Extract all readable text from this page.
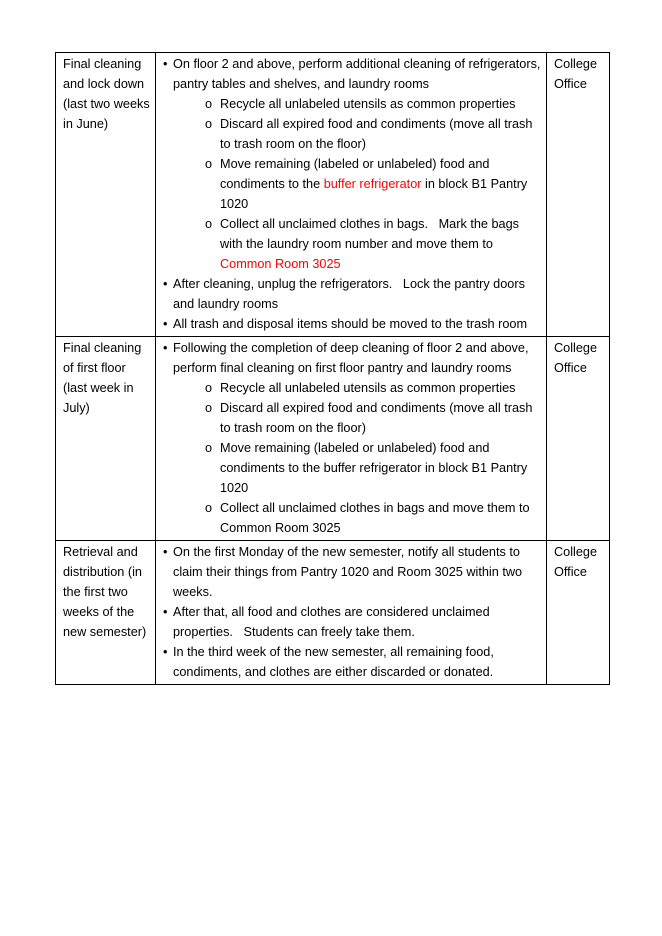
Final cleaning and lock down (last two weeks in June)	
• On floor 2 and above, perform additional cleaning of refrigerators, pantry tables and shelves, and laundry rooms
o Recycle all unlabeled utensils as common properties
o Discard all expired food and condiments (move all trash to trash room on the floor)
o Move remaining (labeled or unlabeled) food and condiments to the buffer refrigerator in block B1 Pantry 1020
o Collect all unclaimed clothes in bags.   Mark the bags with the laundry room number and move them to Common Room 3025
• After cleaning, unplug the refrigerators.   Lock the pantry doors and laundry rooms
• All trash and disposal items should be moved to the trash room
	College Office
Final cleaning of first floor (last week in July)	
• Following the completion of deep cleaning of floor 2 and above, perform final cleaning on first floor pantry and laundry rooms
o Recycle all unlabeled utensils as common properties
o Discard all expired food and condiments (move all trash to trash room on the floor)
o Move remaining (labeled or unlabeled) food and condiments to the buffer refrigerator in block B1 Pantry 1020
o Collect all unclaimed clothes in bags and move them to Common Room 3025
	College Office
Retrieval and distribution (in the first two weeks of the new semester)	
• On the first Monday of the new semester, notify all students to claim their things from Pantry 1020 and Room 3025 within two weeks.
• After that, all food and clothes are considered unclaimed properties.   Students can freely take them.
• In the third week of the new semester, all remaining food, condiments, and clothes are either discarded or donated.
	College Office
